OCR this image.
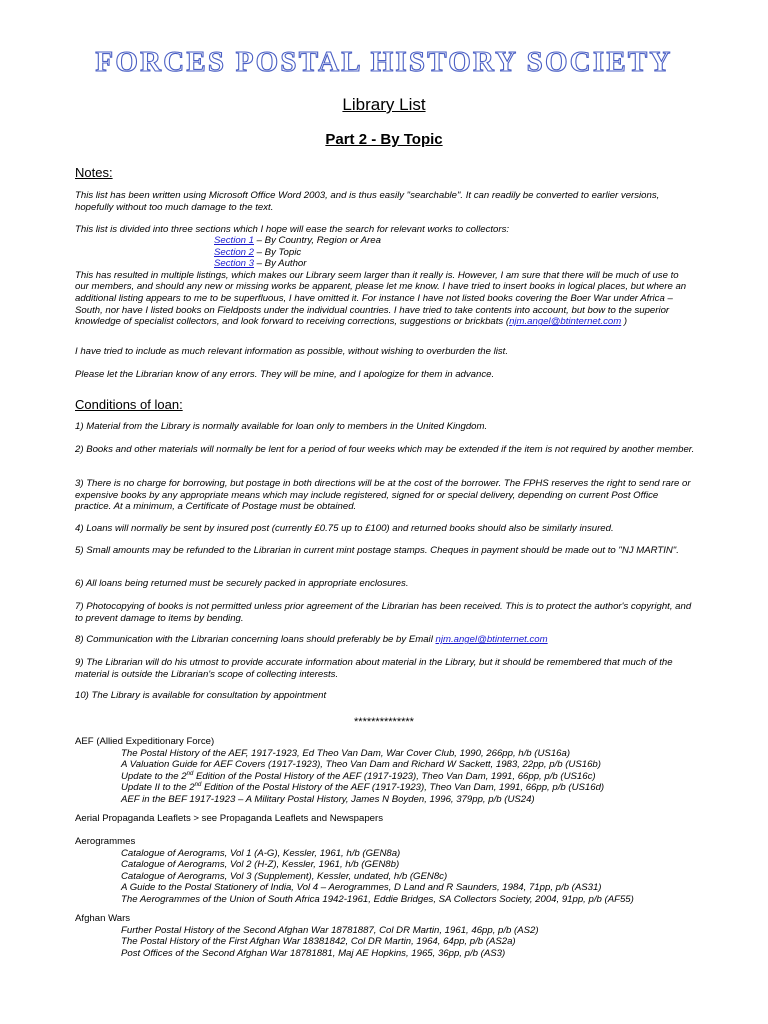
FORCES POSTAL HISTORY SOCIETY
Library List
Part 2 - By Topic
Notes:

This list has been written using Microsoft Office Word 2003, and is thus easily "searchable". It can readily be converted to earlier versions, hopefully without too much damage to the text.

This list is divided into three sections which I hope will ease the search for relevant works to collectors:

Section 1 – By Country, Region or Area
Section 2 – By Topic
Section 3 – By Author

This has resulted in multiple listings, which makes our Library seem larger than it really is. However, I am sure that there will be much of use to our members, and should any new or missing works be apparent, please let me know. I have tried to insert books in logical places, but where an additional listing appears to me to be superfluous, I have omitted it. For instance I have not listed books covering the Boer War under Africa – South, nor have I listed books on Fieldposts under the individual countries. I have tried to take contents into account, but bow to the superior knowledge of specialist collectors, and look forward to receiving corrections, suggestions or brickbats (njm.angel@btinternet.com )

I have tried to include as much relevant information as possible, without wishing to overburden the list.

Please let the Librarian know of any errors. They will be mine, and I apologize for them in advance.

Conditions of loan:

1) Material from the Library is normally available for loan only to members in the United Kingdom.

2) Books and other materials will normally be lent for a period of four weeks which may be extended if the item is not required by another member.

3) There is no charge for borrowing, but postage in both directions will be at the cost of the borrower. The FPHS reserves the right to send rare or expensive books by any appropriate means which may include registered, signed for or special delivery, depending on current Post Office practice. At a minimum, a Certificate of Postage must be obtained.

4) Loans will normally be sent by insured post (currently £0.75 up to £100) and returned books should also be similarly insured.

5) Small amounts may be refunded to the Librarian in current mint postage stamps. Cheques in payment should be made out to "NJ MARTIN".

6) All loans being returned must be securely packed in appropriate enclosures.

7) Photocopying of books is not permitted unless prior agreement of the Librarian has been received. This is to protect the author's copyright, and to prevent damage to items by bending.

8) Communication with the Librarian concerning loans should preferably be by Email njm.angel@btinternet.com

9) The Librarian will do his utmost to provide accurate information about material in the Library, but it should be remembered that much of the material is outside the Librarian's scope of collecting interests.

10) The Library is available for consultation by appointment

**************
AEF (Allied Expeditionary Force)
The Postal History of the AEF, 1917-1923, Ed Theo Van Dam, War Cover Club, 1990, 266pp, h/b (US16a)
A Valuation Guide for AEF Covers (1917-1923), Theo Van Dam and Richard W Sackett, 1983, 22pp, p/b (US16b)
Update to the 2nd Edition of the Postal History of the AEF (1917-1923), Theo Van Dam, 1991, 66pp, p/b (US16c)
Update II to the 2nd Edition of the Postal History of the AEF (1917-1923), Theo Van Dam, 1991, 66pp, p/b (US16d)
AEF in the BEF 1917-1923 – A Military Postal History, James N Boyden, 1996, 379pp, p/b (US24)
Aerial Propaganda Leaflets > see Propaganda Leaflets and Newspapers
Aerogrammes
Catalogue of Aerograms, Vol 1 (A-G), Kessler, 1961, h/b (GEN8a)
Catalogue of Aerograms, Vol 2 (H-Z), Kessler, 1961, h/b (GEN8b)
Catalogue of Aerograms, Vol 3 (Supplement), Kessler, undated, h/b (GEN8c)
A Guide to the Postal Stationery of India, Vol 4 – Aerogrammes, D Land and R Saunders, 1984, 71pp, p/b (AS31)
The Aerogrammes of the Union of South Africa 1942-1961, Eddie Bridges, SA Collectors Society, 2004, 91pp, p/b (AF55)
Afghan Wars
Further Postal History of the Second Afghan War 18781887, Col DR Martin, 1961, 46pp, p/b (AS2)
The Postal History of the First Afghan War 18381842, Col DR Martin, 1964, 64pp, p/b (AS2a)
Post Offices of the Second Afghan War 18781881, Maj AE Hopkins, 1965, 36pp, p/b (AS3)
